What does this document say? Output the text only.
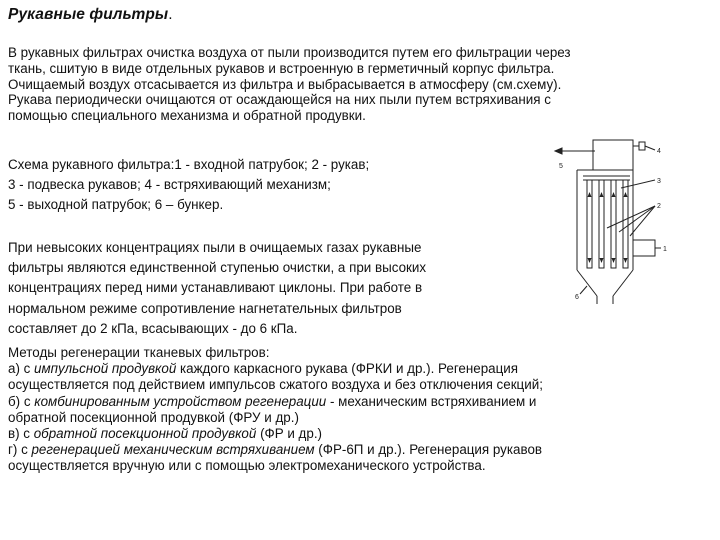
Рукавные фильтры.
В рукавных фильтрах очистка воздуха от пыли производится путем его фильтрации через
ткань, сшитую в виде отдельных рукавов и встроенную в герметичный корпус фильтра.
Очищаемый воздух отсасывается из фильтра и выбрасывается в атмосферу (см.схему).
Рукава периодически очищаются от осаждающейся на них пыли путем встряхивания с
помощью специального механизма и обратной продувки.
Схема рукавного фильтра:1 - входной патрубок; 2 - рукав;
3 - подвеска рукавов; 4 - встряхивающий механизм;
5 - выходной патрубок; 6 – бункер.
При невысоких концентрациях пыли в очищаемых газах рукавные
фильтры являются единственной ступенью очистки, а при высоких
концентрациях перед ними устанавливают циклоны. При работе в
нормальном режиме сопротивление нагнетательных фильтров
составляет до 2 кПа, всасывающих - до 6 кПа.
Методы регенерации тканевых фильтров:
а) с импульсной продувкой каждого каркасного рукава (ФРКИ и др.). Регенерация
осуществляется под действием импульсов сжатого воздуха и без отключения секций;
б) с комбинированным устройством регенерации - механическим встряхиванием и
обратной посекционной продувкой (ФРУ и др.)
в) с обратной посекционной продувкой (ФР и др.)
г) с регенерацией механическим встряхиванием (ФР-6П и др.). Регенерация рукавов
осуществляется вручную или с помощью электромеханического устройства.
4
5
3
2
1
6
